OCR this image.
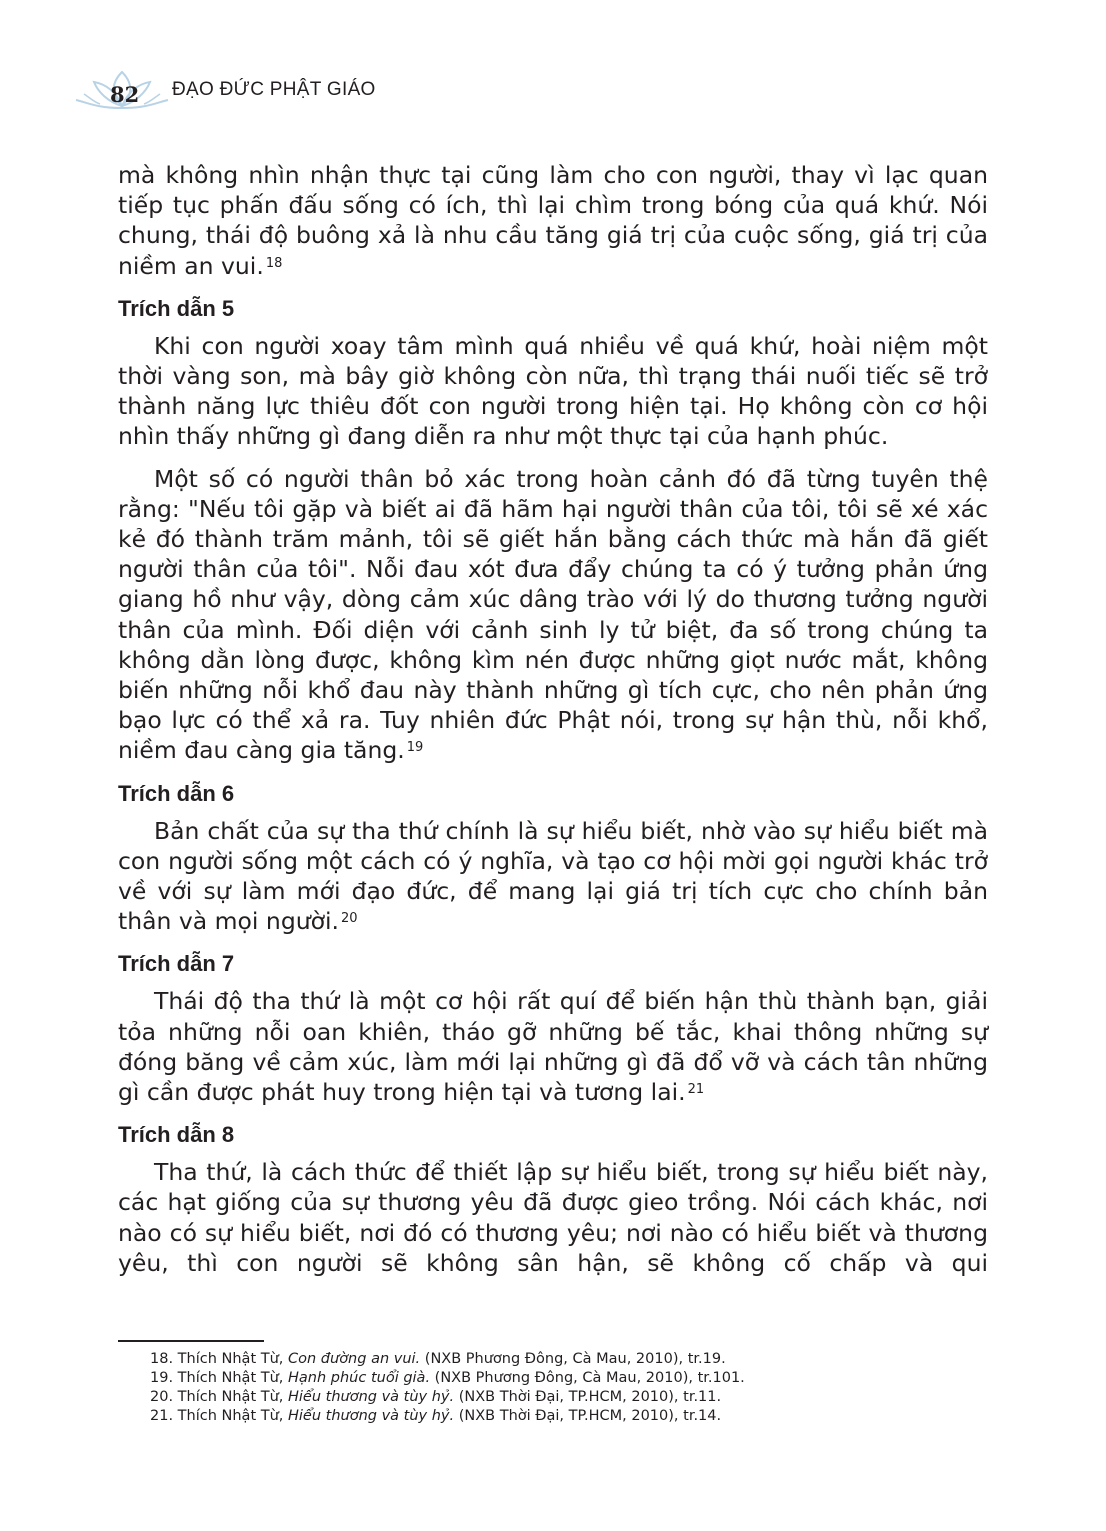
82 ĐẠO ĐỨC PHẬT GIÁO

mà không nhìn nhận thực tại cũng làm cho con người, thay vì lạc quan tiếp tục phấn đấu sống có ích, thì lại chìm trong bóng của quá khứ. Nói chung, thái độ buông xả là nhu cầu tăng giá trị của cuộc sống, giá trị của niềm an vui. $^{18}$

Trích dẫn 5

Khi con người xoay tâm mình quá nhiều về quá khứ, hoài niệm một thời vàng son, mà bây giờ không còn nữa, thì trạng thái nuối tiếc sẽ trở thành năng lực thiêu đốt con người trong hiện tại. Họ không còn cơ hội nhìn thấy những gì đang diễn ra như một thực tại của hạnh phúc.

Một số có người thân bỏ xác trong hoàn cảnh đó đã từng tuyên thệ rằng: "Nếu tôi gặp và biết ai đã hãm hại người thân của tôi, tôi sẽ xé xác kẻ đó thành trăm mảnh, tôi sẽ giết hắn bằng cách thức mà hắn đã giết người thân của tôi". Nỗi đau xót đưa đẩy chúng ta có ý tưởng phản ứng giang hồ như vậy, dòng cảm xúc dâng trào với lý do thương tưởng người thân của mình. Đối diện với cảnh sinh ly tử biệt, đa số trong chúng ta không dằn lòng được, không kìm nén được những giọt nước mắt, không biến những nỗi khổ đau này thành những gì tích cực, cho nên phản ứng bạo lực có thể xả ra. Tuy nhiên đức Phật nói, trong sự hận thù, nỗi khổ, niềm đau càng gia tăng. $^{19}$

Trích dẫn 6

Bản chất của sự tha thứ chính là sự hiểu biết, nhờ vào sự hiểu biết mà con người sống một cách có ý nghĩa, và tạo cơ hội mời gọi người khác trở về với sự làm mới đạo đức, để mang lại giá trị tích cực cho chính bản thân và mọi người. $^{20}$

Trích dẫn 7

Thái độ tha thứ là một cơ hội rất quí để biến hận thù thành bạn, giải tỏa những nỗi oan khiên, tháo gỡ những bế tắc, khai thông những sự đóng băng về cảm xúc, làm mới lại những gì đã đổ vỡ và cách tân những gì cần được phát huy trong hiện tại và tương lai. $^{21}$

Trích dẫn 8

Tha thứ, là cách thức để thiết lập sự hiểu biết, trong sự hiểu biết này, các hạt giống của sự thương yêu đã được gieo trồng. Nói cách khác, nơi nào có sự hiểu biết, nơi đó có thương yêu; nơi nào có hiểu biết và thương yêu, thì con người sẽ không sân hận, sẽ không cố chấp và qui

18. Thích Nhật Từ, Con đường an vui. (NXB Phương Đông, Cà Mau, 2010), tr.19.
19. Thích Nhật Từ, Hạnh phúc tuổi già. (NXB Phương Đông, Cà Mau, 2010), tr.101.
20. Thích Nhật Từ, Hiểu thương và tùy hỷ. (NXB Thời Đại, TP.HCM, 2010), tr.11.
21. Thích Nhật Từ, Hiểu thương và tùy hỷ. (NXB Thời Đại, TP.HCM, 2010), tr.14.
